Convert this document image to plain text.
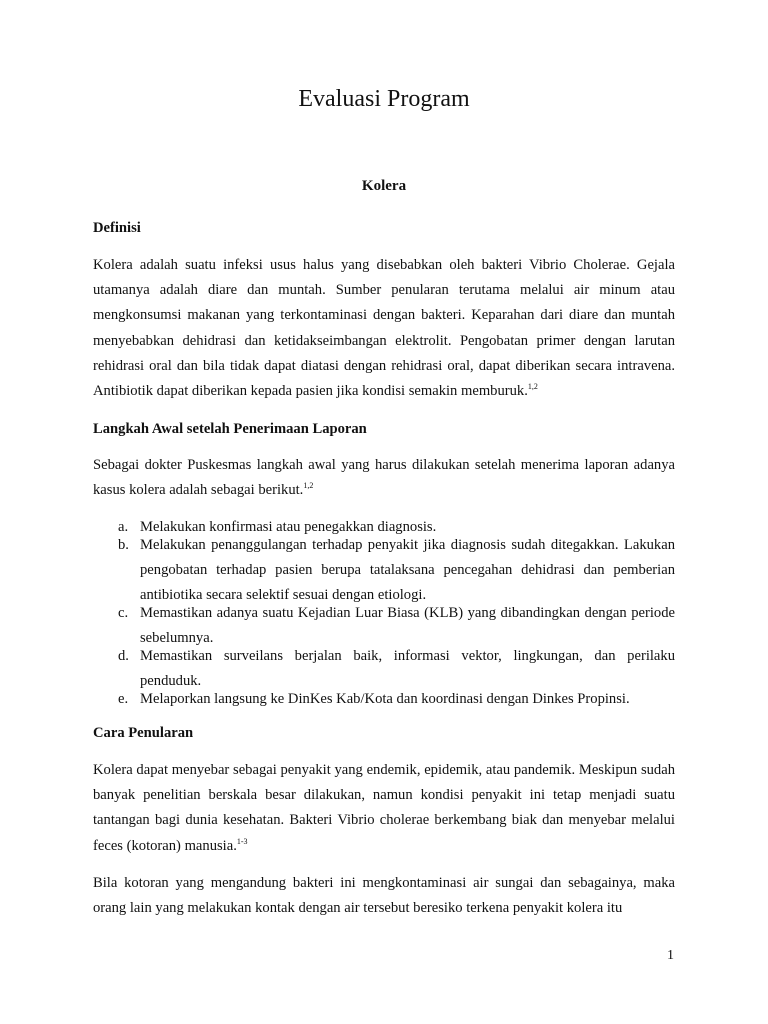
Evaluasi Program
Kolera
Definisi

Kolera adalah suatu infeksi usus halus yang disebabkan oleh bakteri Vibrio Cholerae. Gejala utamanya adalah diare dan muntah. Sumber penularan terutama melalui air minum atau mengkonsumsi makanan yang terkontaminasi dengan bakteri. Keparahan dari diare dan muntah menyebabkan dehidrasi dan ketidakseimbangan elektrolit. Pengobatan primer dengan larutan rehidrasi oral dan bila tidak dapat diatasi dengan rehidrasi oral, dapat diberikan secara intravena. Antibiotik dapat diberikan kepada pasien jika kondisi semakin memburuk.$^{1,2}$

Langkah Awal setelah Penerimaan Laporan

Sebagai dokter Puskesmas langkah awal yang harus dilakukan setelah menerima laporan adanya kasus kolera adalah sebagai berikut.$^{1,2}$

a. Melakukan konfirmasi atau penegakkan diagnosis.
b. Melakukan penanggulangan terhadap penyakit jika diagnosis sudah ditegakkan. Lakukan pengobatan terhadap pasien berupa tatalaksana pencegahan dehidrasi dan pemberian antibiotika secara selektif sesuai dengan etiologi.
c. Memastikan adanya suatu Kejadian Luar Biasa (KLB) yang dibandingkan dengan periode sebelumnya.
d. Memastikan surveilans berjalan baik, informasi vektor, lingkungan, dan perilaku penduduk.
e. Melaporkan langsung ke DinKes Kab/Kota dan koordinasi dengan Dinkes Propinsi.
Cara Penularan

Kolera dapat menyebar sebagai penyakit yang endemik, epidemik, atau pandemik. Meskipun sudah banyak penelitian berskala besar dilakukan, namun kondisi penyakit ini tetap menjadi suatu tantangan bagi dunia kesehatan. Bakteri Vibrio cholerae berkembang biak dan menyebar melalui feces (kotoran) manusia.$^{1-3}$

Bila kotoran yang mengandung bakteri ini mengkontaminasi air sungai dan sebagainya, maka orang lain yang melakukan kontak dengan air tersebut beresiko terkena penyakit kolera itu

1
